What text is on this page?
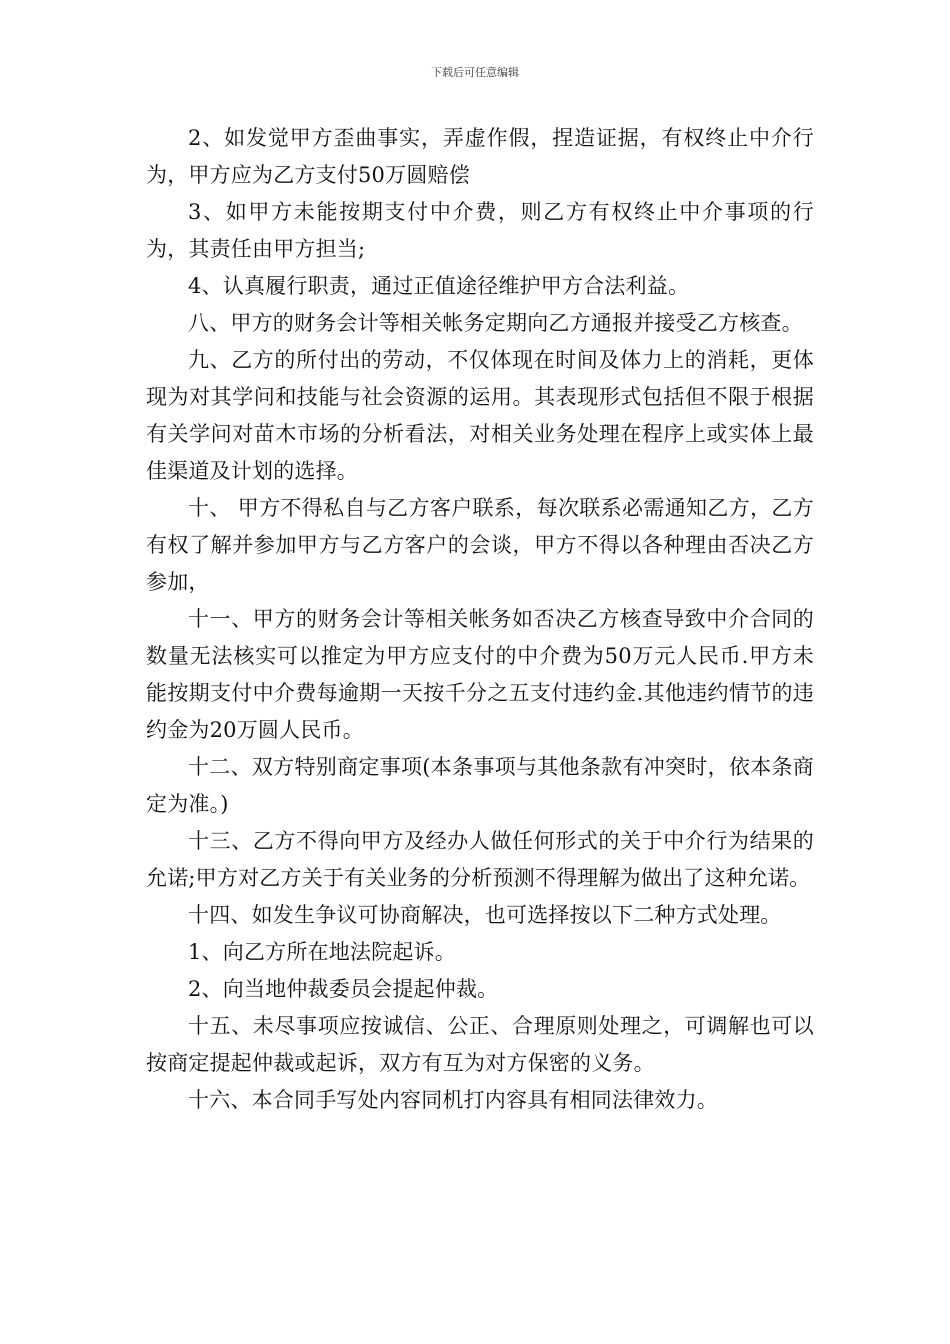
下载后可任意编辑

2、如发觉甲方歪曲事实，弄虚作假，捏造证据，有权终止中介行为，甲方应为乙方支付50万圆赔偿

3、如甲方未能按期支付中介费，则乙方有权终止中介事项的行为，其责任由甲方担当;

4、认真履行职责，通过正值途径维护甲方合法利益。

八、甲方的财务会计等相关帐务定期向乙方通报并接受乙方核查。

九、乙方的所付出的劳动，不仅体现在时间及体力上的消耗，更体现为对其学问和技能与社会资源的运用。其表现形式包括但不限于根据有关学问对苗木市场的分析看法，对相关业务处理在程序上或实体上最佳渠道及计划的选择。

十、 甲方不得私自与乙方客户联系，每次联系必需通知乙方，乙方有权了解并参加甲方与乙方客户的会谈，甲方不得以各种理由否决乙方参加，

十一、甲方的财务会计等相关帐务如否决乙方核查导致中介合同的数量无法核实可以推定为甲方应支付的中介费为50万元人民币.甲方未能按期支付中介费每逾期一天按千分之五支付违约金.其他违约情节的违约金为20万圆人民币。

十二、双方特别商定事项(本条事项与其他条款有冲突时，依本条商定为准。)

十三、乙方不得向甲方及经办人做任何形式的关于中介行为结果的允诺;甲方对乙方关于有关业务的分析预测不得理解为做出了这种允诺。

十四、如发生争议可协商解决，也可选择按以下二种方式处理。

1、向乙方所在地法院起诉。

2、向当地仲裁委员会提起仲裁。

十五、未尽事项应按诚信、公正、合理原则处理之，可调解也可以按商定提起仲裁或起诉，双方有互为对方保密的义务。

十六、本合同手写处内容同机打内容具有相同法律效力。
